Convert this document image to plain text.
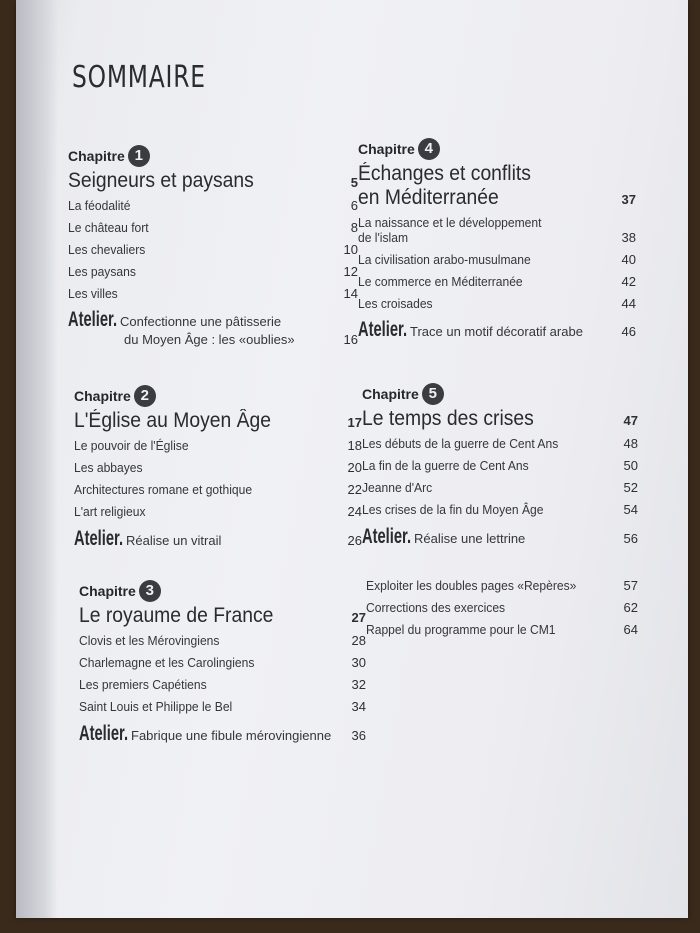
SOMMAIRE
Chapitre 1
Seigneurs et paysans	5
La féodalité	6
Le château fort	8
Les chevaliers	10
Les paysans	12
Les villes	14
Atelier. Confectionne une pâtisserie
du Moyen Âge : les «oublies»	16
Chapitre 2
L'Église au Moyen Âge	17
Le pouvoir de l'Église	18
Les abbayes	20
Architectures romane et gothique	22
L'art religieux	24
Atelier. Réalise un vitrail	26
Chapitre 3
Le royaume de France	27
Clovis et les Mérovingiens	28
Charlemagne et les Carolingiens	30
Les premiers Capétiens	32
Saint Louis et Philippe le Bel	34
Atelier. Fabrique une fibule mérovingienne	36
Chapitre 4
Échanges et conflits
en Méditerranée	37
La naissance et le développement
de l'islam	38
La civilisation arabo-musulmane	40
Le commerce en Méditerranée	42
Les croisades	44
Atelier. Trace un motif décoratif arabe	46
Chapitre 5
Le temps des crises	47
Les débuts de la guerre de Cent Ans	48
La fin de la guerre de Cent Ans	50
Jeanne d'Arc	52
Les crises de la fin du Moyen Âge	54
Atelier. Réalise une lettrine	56
Exploiter les doubles pages «Repères»	57
Corrections des exercices	62
Rappel du programme pour le CM1	64
